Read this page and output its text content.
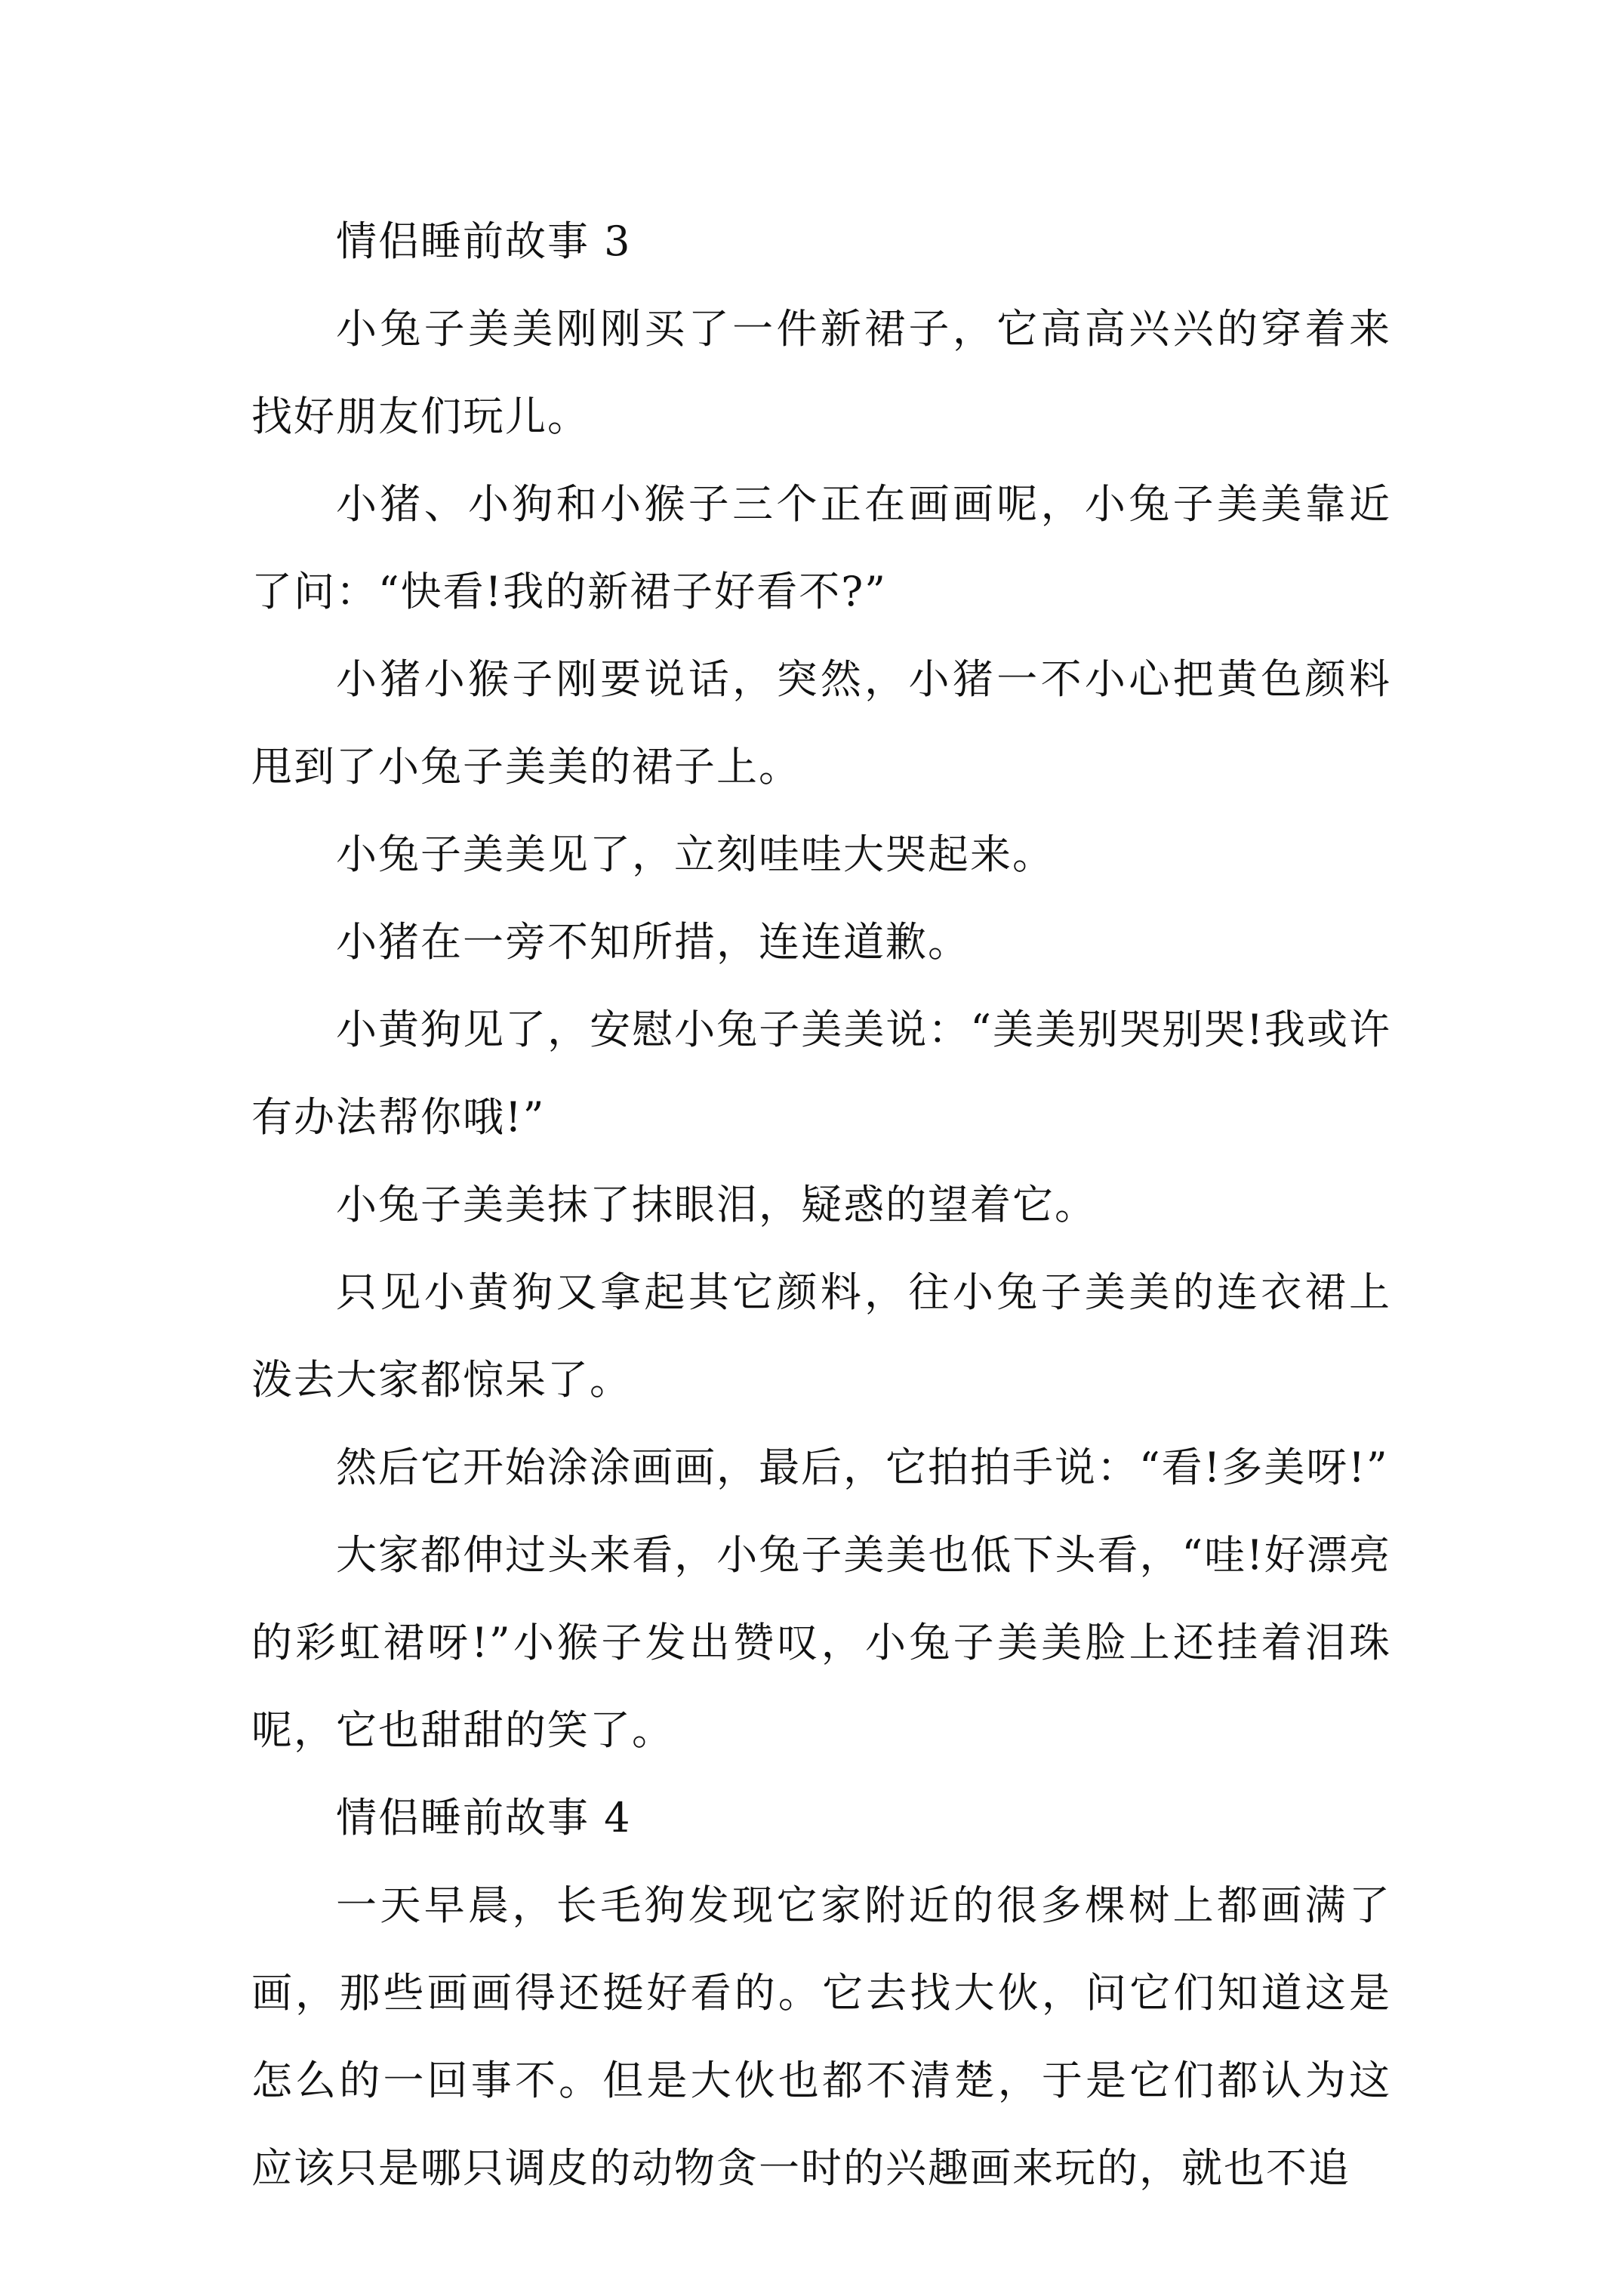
情侣睡前故事 3

小兔子美美刚刚买了一件新裙子，它高高兴兴的穿着来找好朋友们玩儿。

小猪、小狗和小猴子三个正在画画呢，小兔子美美靠近了问：“快看!我的新裙子好看不?”

小猪小猴子刚要说话，突然，小猪一不小心把黄色颜料甩到了小兔子美美的裙子上。

小兔子美美见了，立刻哇哇大哭起来。

小猪在一旁不知所措，连连道歉。

小黄狗见了，安慰小兔子美美说：“美美别哭别哭!我或许有办法帮你哦!”

小兔子美美抹了抹眼泪，疑惑的望着它。

只见小黄狗又拿起其它颜料，往小兔子美美的连衣裙上泼去大家都惊呆了。

然后它开始涂涂画画，最后，它拍拍手说：“看!多美呀!”

大家都伸过头来看，小兔子美美也低下头看，“哇!好漂亮的彩虹裙呀!”小猴子发出赞叹，小兔子美美脸上还挂着泪珠呢，它也甜甜的笑了。

情侣睡前故事 4

一天早晨，长毛狗发现它家附近的很多棵树上都画满了画，那些画画得还挺好看的。它去找大伙，问它们知道这是怎么的一回事不。但是大伙也都不清楚，于是它们都认为这应该只是哪只调皮的动物贪一时的兴趣画来玩的，就也不追
